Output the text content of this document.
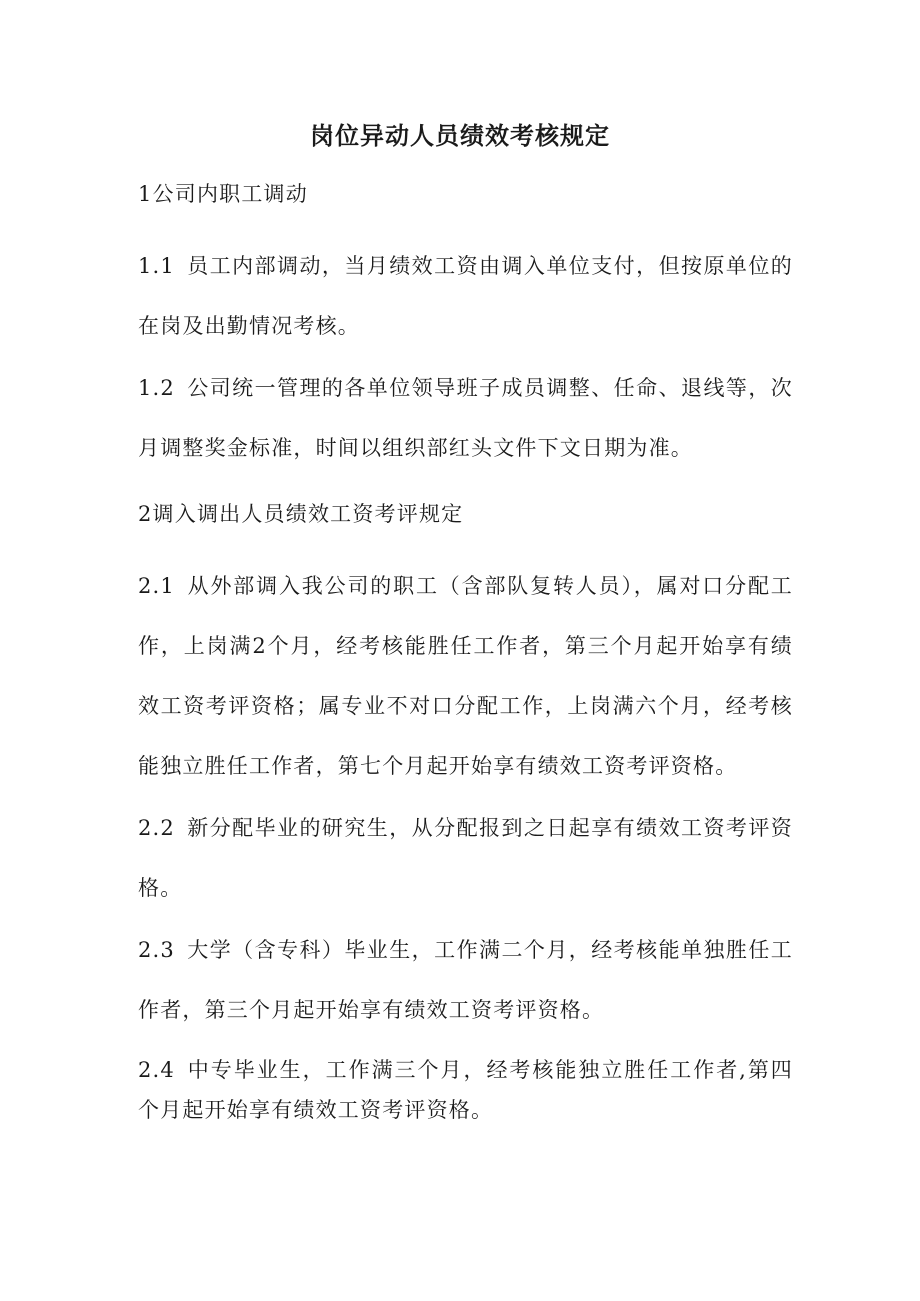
岗位异动人员绩效考核规定

1公司内职工调动

1.1 员工内部调动，当月绩效工资由调入单位支付，但按原单位的在岗及出勤情况考核。

1.2 公司统一管理的各单位领导班子成员调整、任命、退线等，次月调整奖金标准，时间以组织部红头文件下文日期为准。

2调入调出人员绩效工资考评规定

2.1 从外部调入我公司的职工（含部队复转人员），属对口分配工作，上岗满2个月，经考核能胜任工作者，第三个月起开始享有绩效工资考评资格；属专业不对口分配工作，上岗满六个月，经考核能独立胜任工作者，第七个月起开始享有绩效工资考评资格。

2.2 新分配毕业的研究生，从分配报到之日起享有绩效工资考评资格。

2.3 大学（含专科）毕业生，工作满二个月，经考核能单独胜任工作者，第三个月起开始享有绩效工资考评资格。

2.4 中专毕业生，工作满三个月，经考核能独立胜任工作者,第四个月起开始享有绩效工资考评资格。
